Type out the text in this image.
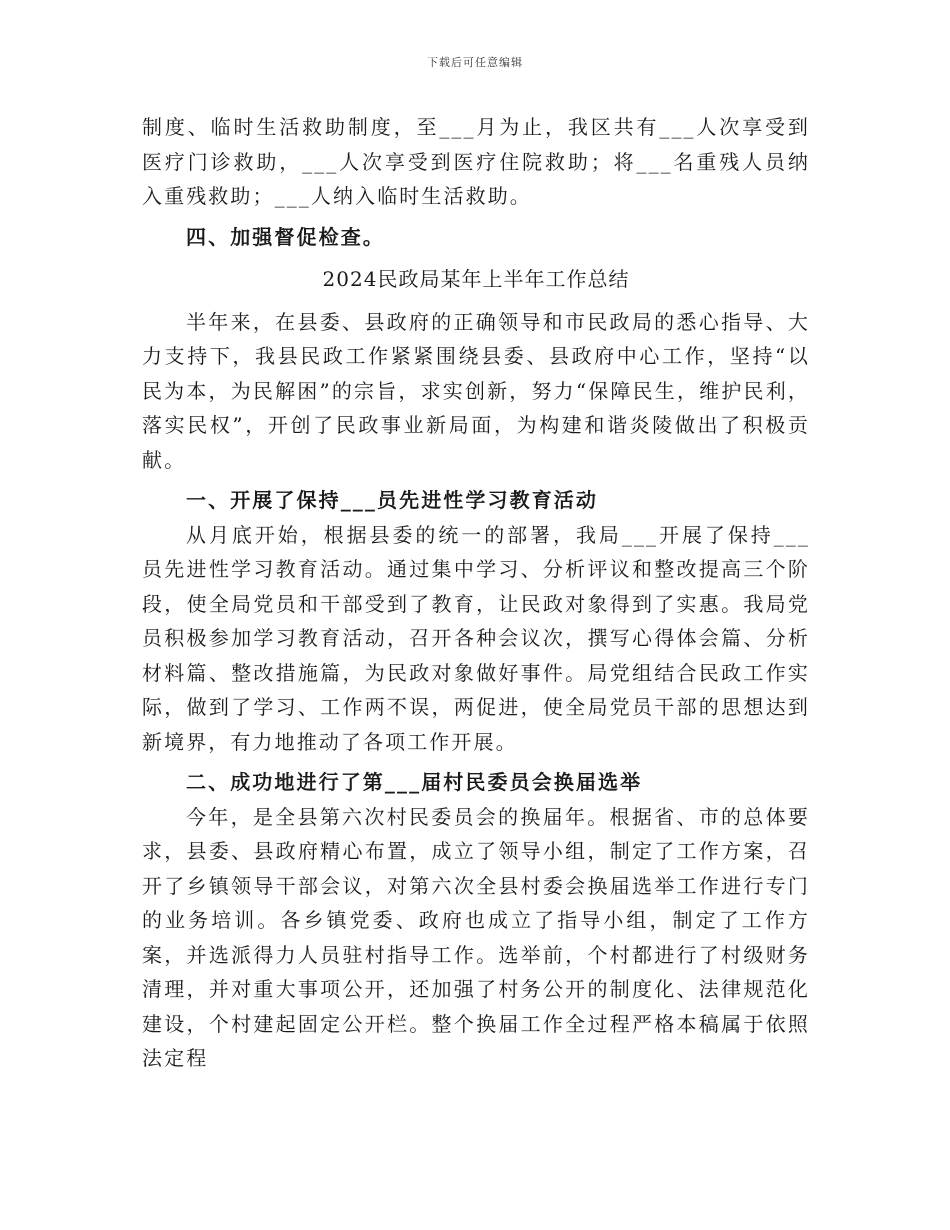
下载后可任意编辑

制度、临时生活救助制度，至___月为止，我区共有___人次享受到医疗门诊救助，___人次享受到医疗住院救助；将___名重残人员纳入重残救助；___人纳入临时生活救助。

四、加强督促检查。

2024民政局某年上半年工作总结

半年来，在县委、县政府的正确领导和市民政局的悉心指导、大力支持下，我县民政工作紧紧围绕县委、县政府中心工作，坚持“以民为本，为民解困”的宗旨，求实创新，努力“保障民生，维护民利，落实民权”，开创了民政事业新局面，为构建和谐炎陵做出了积极贡献。

一、开展了保持___员先进性学习教育活动

从月底开始，根据县委的统一的部署，我局___开展了保持___员先进性学习教育活动。通过集中学习、分析评议和整改提高三个阶段，使全局党员和干部受到了教育，让民政对象得到了实惠。我局党员积极参加学习教育活动，召开各种会议次，撰写心得体会篇、分析材料篇、整改措施篇，为民政对象做好事件。局党组结合民政工作实际，做到了学习、工作两不误，两促进，使全局党员干部的思想达到新境界，有力地推动了各项工作开展。

二、成功地进行了第___届村民委员会换届选举

今年，是全县第六次村民委员会的换届年。根据省、市的总体要求，县委、县政府精心布置，成立了领导小组，制定了工作方案，召开了乡镇领导干部会议，对第六次全县村委会换届选举工作进行专门的业务培训。各乡镇党委、政府也成立了指导小组，制定了工作方案，并选派得力人员驻村指导工作。选举前，个村都进行了村级财务清理，并对重大事项公开，还加强了村务公开的制度化、法律规范化建设，个村建起固定公开栏。整个换届工作全过程严格本稿属于依照法定程
